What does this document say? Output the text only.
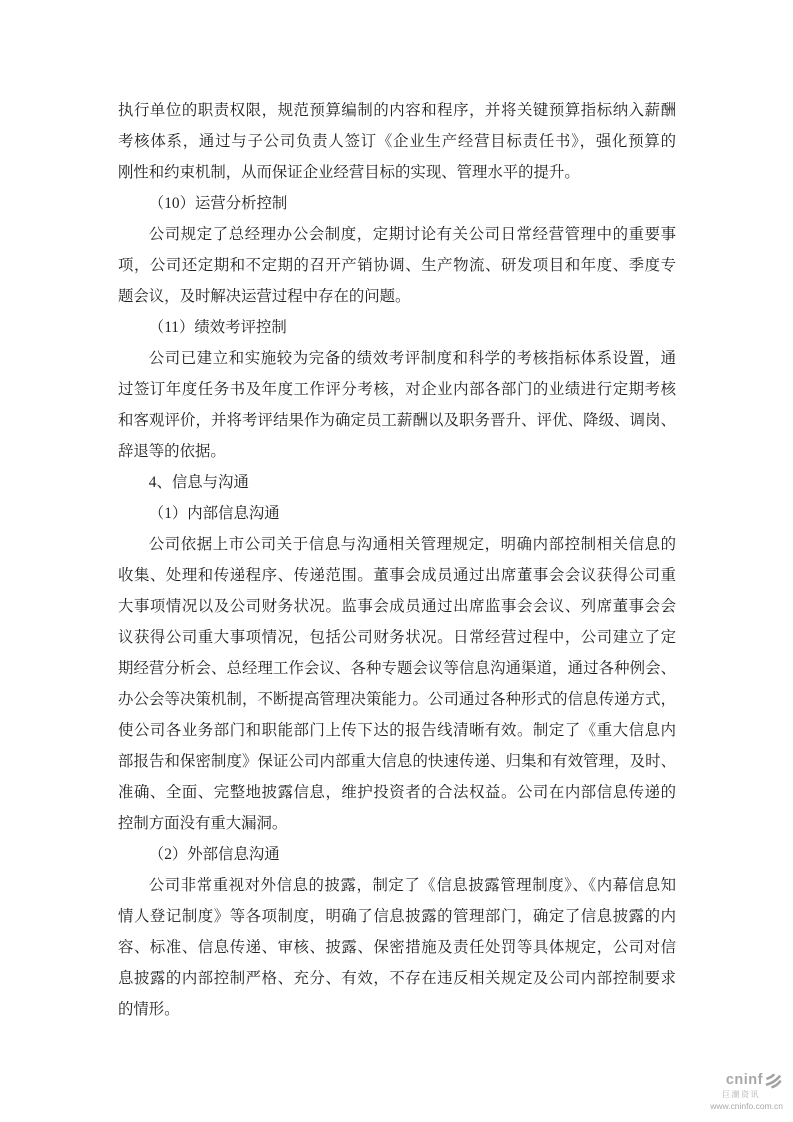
执行单位的职责权限，规范预算编制的内容和程序，并将关键预算指标纳入薪酬
考核体系，通过与子公司负责人签订《企业生产经营目标责任书》，强化预算的
刚性和约束机制，从而保证企业经营目标的实现、管理水平的提升。
（10）运营分析控制
公司规定了总经理办公会制度，定期讨论有关公司日常经营管理中的重要事
项，公司还定期和不定期的召开产销协调、生产物流、研发项目和年度、季度专
题会议，及时解决运营过程中存在的问题。
（11）绩效考评控制
公司已建立和实施较为完备的绩效考评制度和科学的考核指标体系设置，通
过签订年度任务书及年度工作评分考核，对企业内部各部门的业绩进行定期考核
和客观评价，并将考评结果作为确定员工薪酬以及职务晋升、评优、降级、调岗、
辞退等的依据。
4、信息与沟通
（1）内部信息沟通
公司依据上市公司关于信息与沟通相关管理规定，明确内部控制相关信息的
收集、处理和传递程序、传递范围。董事会成员通过出席董事会会议获得公司重
大事项情况以及公司财务状况。监事会成员通过出席监事会会议、列席董事会会
议获得公司重大事项情况，包括公司财务状况。日常经营过程中，公司建立了定
期经营分析会、总经理工作会议、各种专题会议等信息沟通渠道，通过各种例会、
办公会等决策机制，不断提高管理决策能力。公司通过各种形式的信息传递方式，
使公司各业务部门和职能部门上传下达的报告线清晰有效。制定了《重大信息内
部报告和保密制度》保证公司内部重大信息的快速传递、归集和有效管理，及时、
准确、全面、完整地披露信息，维护投资者的合法权益。公司在内部信息传递的
控制方面没有重大漏洞。
（2）外部信息沟通
公司非常重视对外信息的披露，制定了《信息披露管理制度》、《内幕信息知
情人登记制度》等各项制度，明确了信息披露的管理部门，确定了信息披露的内
容、标准、信息传递、审核、披露、保密措施及责任处罚等具体规定，公司对信
息披露的内部控制严格、充分、有效，不存在违反相关规定及公司内部控制要求
的情形。
cninf
巨潮资讯
www.cninfo.com.cn
